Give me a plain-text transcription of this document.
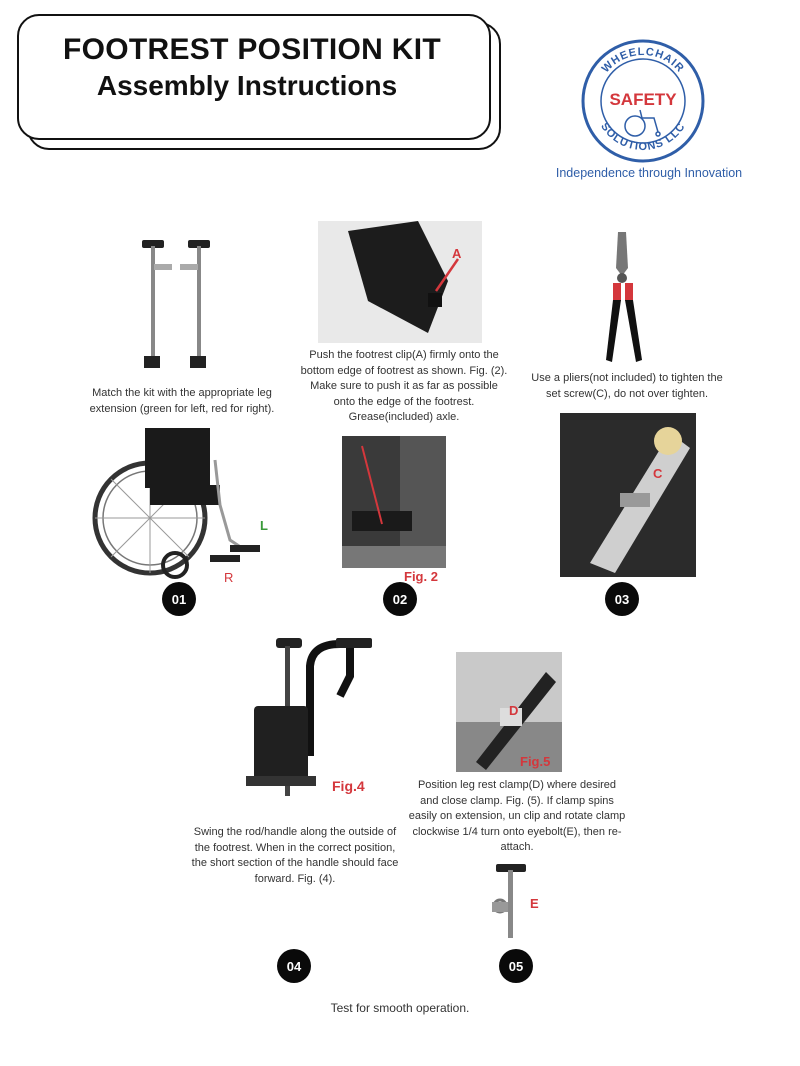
FOOTREST POSITION KIT
Assembly Instructions
WHEELCHAIR
SOLUTIONS LLC
SAFETY
Independence through Innovation
Match the kit with the appropriate leg extension (green for left, red for right).
L
R
01
A
Push the footrest clip(A) firmly onto the bottom edge of footrest as shown. Fig. (2). Make sure to push it as far as possible onto the edge of the footrest. Grease(included) axle.
Fig. 2
02
Use a pliers(not included) to tighten the set screw(C), do not over tighten.
C
03
Fig.4
Swing the rod/handle along the outside of the footrest. When in the correct position, the short section of the handle should face forward. Fig. (4).
04
D
Fig.5
Position leg rest clamp(D) where desired and close clamp. Fig. (5). If clamp spins easily on extension, un clip and rotate clamp clockwise 1/4 turn onto eyebolt(E), then re-attach.
E
05
Test for smooth operation.
